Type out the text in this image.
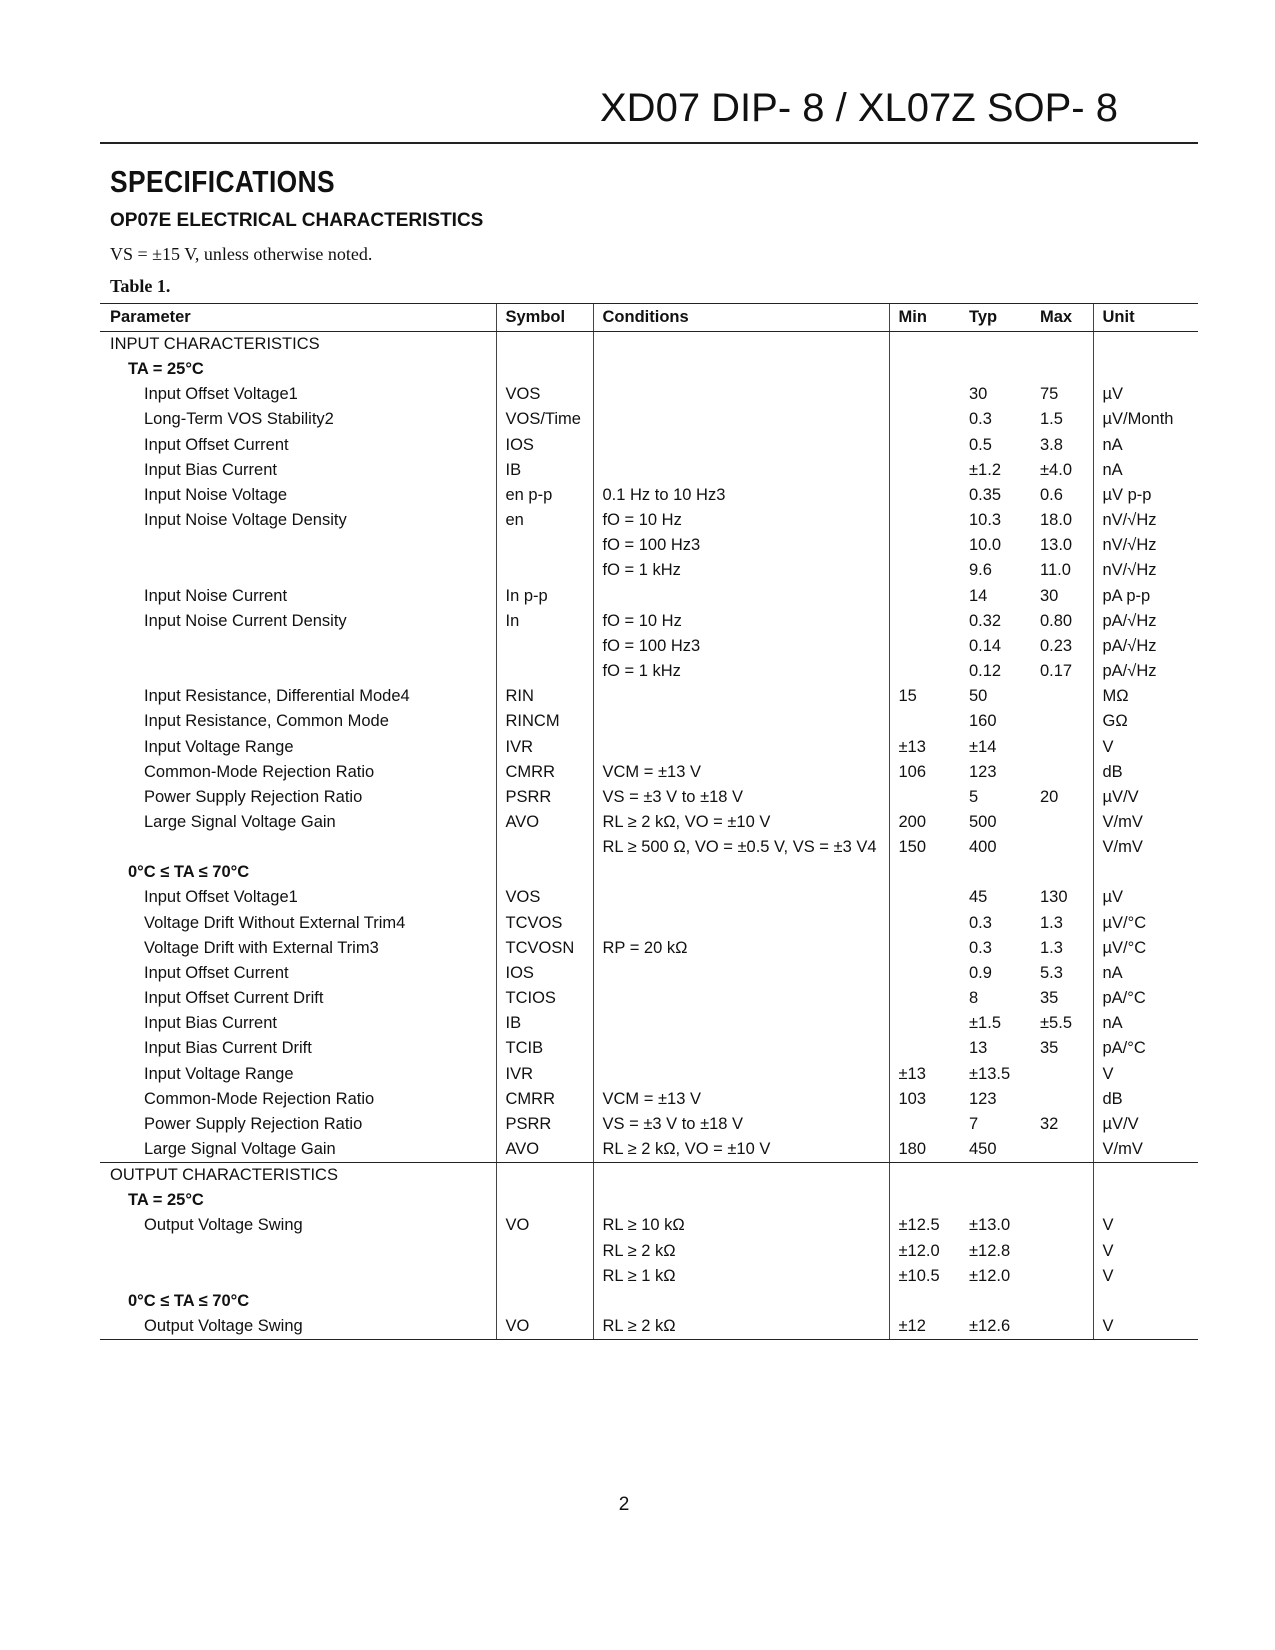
XD07 DIP- 8 / XL07Z SOP- 8
SPECIFICATIONS
OP07E ELECTRICAL CHARACTERISTICS
VS = ±15 V, unless otherwise noted.
Table 1.
Parameter	Symbol	Conditions	Min	Typ	Max	Unit
INPUT CHARACTERISTICS						
TA = 25°C						
Input Offset Voltage1	VOS			30	75	µV
Long-Term VOS Stability2	VOS/Time			0.3	1.5	µV/Month
Input Offset Current	IOS			0.5	3.8	nA
Input Bias Current	IB			±1.2	±4.0	nA
Input Noise Voltage	en p-p	0.1 Hz to 10 Hz3		0.35	0.6	µV p-p
Input Noise Voltage Density	en	fO = 10 Hz		10.3	18.0	nV/√Hz
		fO = 100 Hz3		10.0	13.0	nV/√Hz
		fO = 1 kHz		9.6	11.0	nV/√Hz
Input Noise Current	In p-p			14	30	pA p-p
Input Noise Current Density	In	fO = 10 Hz		0.32	0.80	pA/√Hz
		fO = 100 Hz3		0.14	0.23	pA/√Hz
		fO = 1 kHz		0.12	0.17	pA/√Hz
Input Resistance, Differential Mode4	RIN		15	50		MΩ
Input Resistance, Common Mode	RINCM			160		GΩ
Input Voltage Range	IVR		±13	±14		V
Common-Mode Rejection Ratio	CMRR	VCM = ±13 V	106	123		dB
Power Supply Rejection Ratio	PSRR	VS = ±3 V to ±18 V		5	20	µV/V
Large Signal Voltage Gain	AVO	RL ≥ 2 kΩ, VO = ±10 V	200	500		V/mV
		RL ≥ 500 Ω, VO = ±0.5 V, VS = ±3 V4	150	400		V/mV
0°C ≤ TA ≤ 70°C						
Input Offset Voltage1	VOS			45	130	µV
Voltage Drift Without External Trim4	TCVOS			0.3	1.3	µV/°C
Voltage Drift with External Trim3	TCVOSN	RP = 20 kΩ		0.3	1.3	µV/°C
Input Offset Current	IOS			0.9	5.3	nA
Input Offset Current Drift	TCIOS			8	35	pA/°C
Input Bias Current	IB			±1.5	±5.5	nA
Input Bias Current Drift	TCIB			13	35	pA/°C
Input Voltage Range	IVR		±13	±13.5		V
Common-Mode Rejection Ratio	CMRR	VCM = ±13 V	103	123		dB
Power Supply Rejection Ratio	PSRR	VS = ±3 V to ±18 V		7	32	µV/V
Large Signal Voltage Gain	AVO	RL ≥ 2 kΩ, VO = ±10 V	180	450		V/mV
OUTPUT CHARACTERISTICS						
TA = 25°C						
Output Voltage Swing	VO	RL ≥ 10 kΩ	±12.5	±13.0		V
		RL ≥ 2 kΩ	±12.0	±12.8		V
		RL ≥ 1 kΩ	±10.5	±12.0		V
0°C ≤ TA ≤ 70°C						
Output Voltage Swing	VO	RL ≥ 2 kΩ	±12	±12.6		V
2
